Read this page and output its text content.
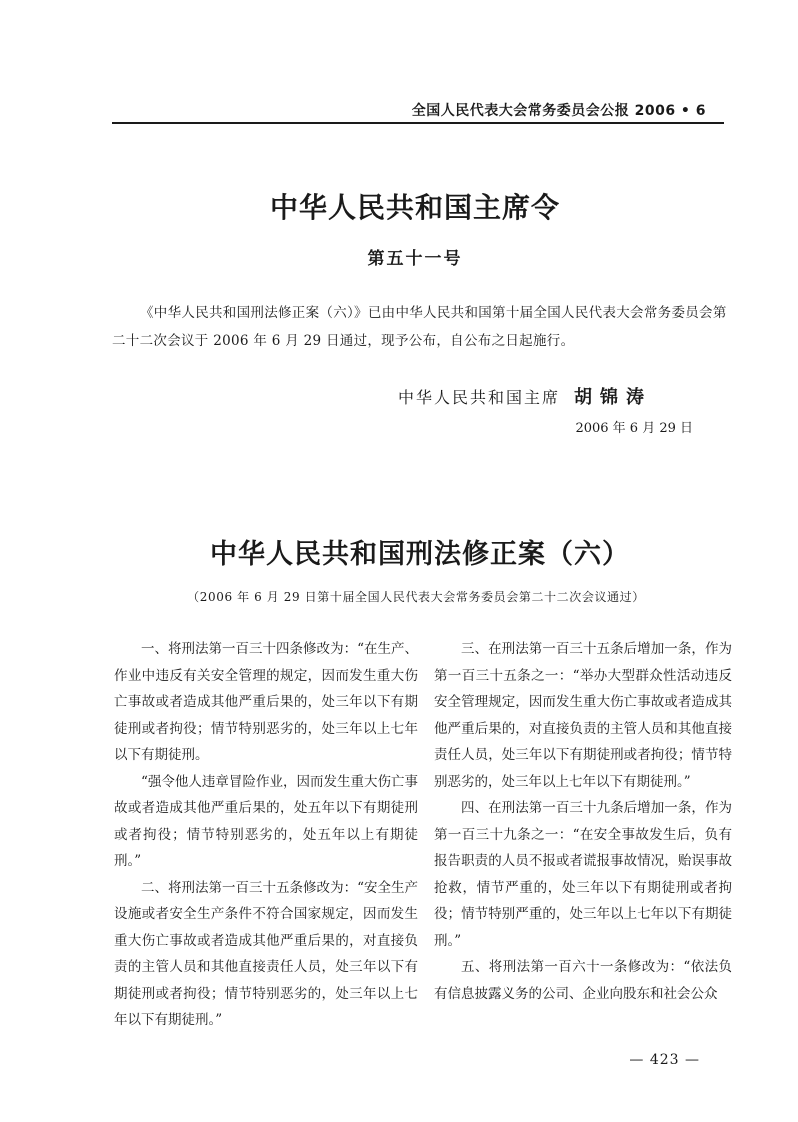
全国人民代表大会常务委员会公报 2006 • 6
中华人民共和国主席令
第五十一号
《中华人民共和国刑法修正案（六）》已由中华人民共和国第十届全国人民代表大会常务委员会第二十二次会议于 2006 年 6 月 29 日通过，现予公布，自公布之日起施行。
中华人民共和国主席 胡锦涛
2006 年 6 月 29 日
中华人民共和国刑法修正案（六）
（2006 年 6 月 29 日第十届全国人民代表大会常务委员会第二十二次会议通过）

一、将刑法第一百三十四条修改为：“在生产、作业中违反有关安全管理的规定，因而发生重大伤亡事故或者造成其他严重后果的，处三年以下有期徒刑或者拘役；情节特别恶劣的，处三年以上七年以下有期徒刑。

“强令他人违章冒险作业，因而发生重大伤亡事故或者造成其他严重后果的，处五年以下有期徒刑或者拘役；情节特别恶劣的，处五年以上有期徒刑。”

二、将刑法第一百三十五条修改为：“安全生产设施或者安全生产条件不符合国家规定，因而发生重大伤亡事故或者造成其他严重后果的，对直接负责的主管人员和其他直接责任人员，处三年以下有期徒刑或者拘役；情节特别恶劣的，处三年以上七年以下有期徒刑。”

三、在刑法第一百三十五条后增加一条，作为第一百三十五条之一：“举办大型群众性活动违反安全管理规定，因而发生重大伤亡事故或者造成其他严重后果的，对直接负责的主管人员和其他直接责任人员，处三年以下有期徒刑或者拘役；情节特别恶劣的，处三年以上七年以下有期徒刑。”

四、在刑法第一百三十九条后增加一条，作为第一百三十九条之一：“在安全事故发生后，负有报告职责的人员不报或者谎报事故情况，贻误事故抢救，情节严重的，处三年以下有期徒刑或者拘役；情节特别严重的，处三年以上七年以下有期徒刑。”

五、将刑法第一百六十一条修改为：“依法负有信息披露义务的公司、企业向股东和社会公众

— 423 —
